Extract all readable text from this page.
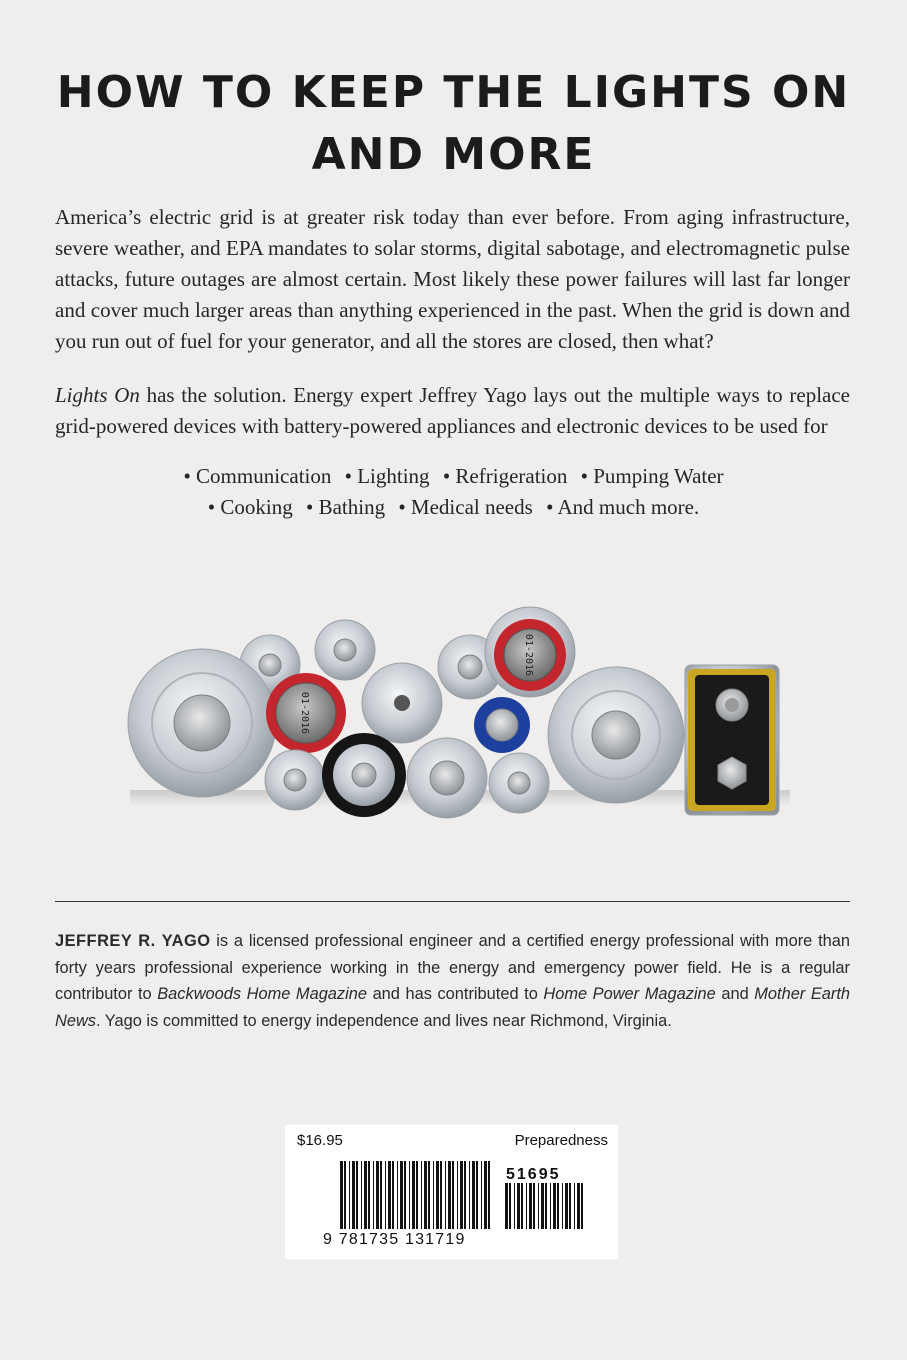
HOW TO KEEP THE LIGHTS ON
AND MORE

America’s electric grid is at greater risk today than ever before. From aging infrastructure, severe weather, and EPA mandates to solar storms, digital sabotage, and electromagnetic pulse attacks, future outages are almost certain. Most likely these power failures will last far longer and cover much larger areas than anything experienced in the past. When the grid is down and you run out of fuel for your generator, and all the stores are closed, then what?

Lights On has the solution. Energy expert Jeffrey Yago lays out the multiple ways to replace grid-powered devices with battery-powered appliances and electronic devices to be used for

• Communication • Lighting • Refrigeration • Pumping Water
• Cooking • Bathing • Medical needs • And much more.
01-2016
01-2016

JEFFREY R. YAGO is a licensed professional engineer and a certified energy professional with more than forty years professional experience working in the energy and emergency power field. He is a regular contributor to Backwoods Home Magazine and has contributed to Home Power Magazine and Mother Earth News. Yago is committed to energy independence and lives near Richmond, Virginia.

$16.95	Preparedness
51695
9 781735 131719
